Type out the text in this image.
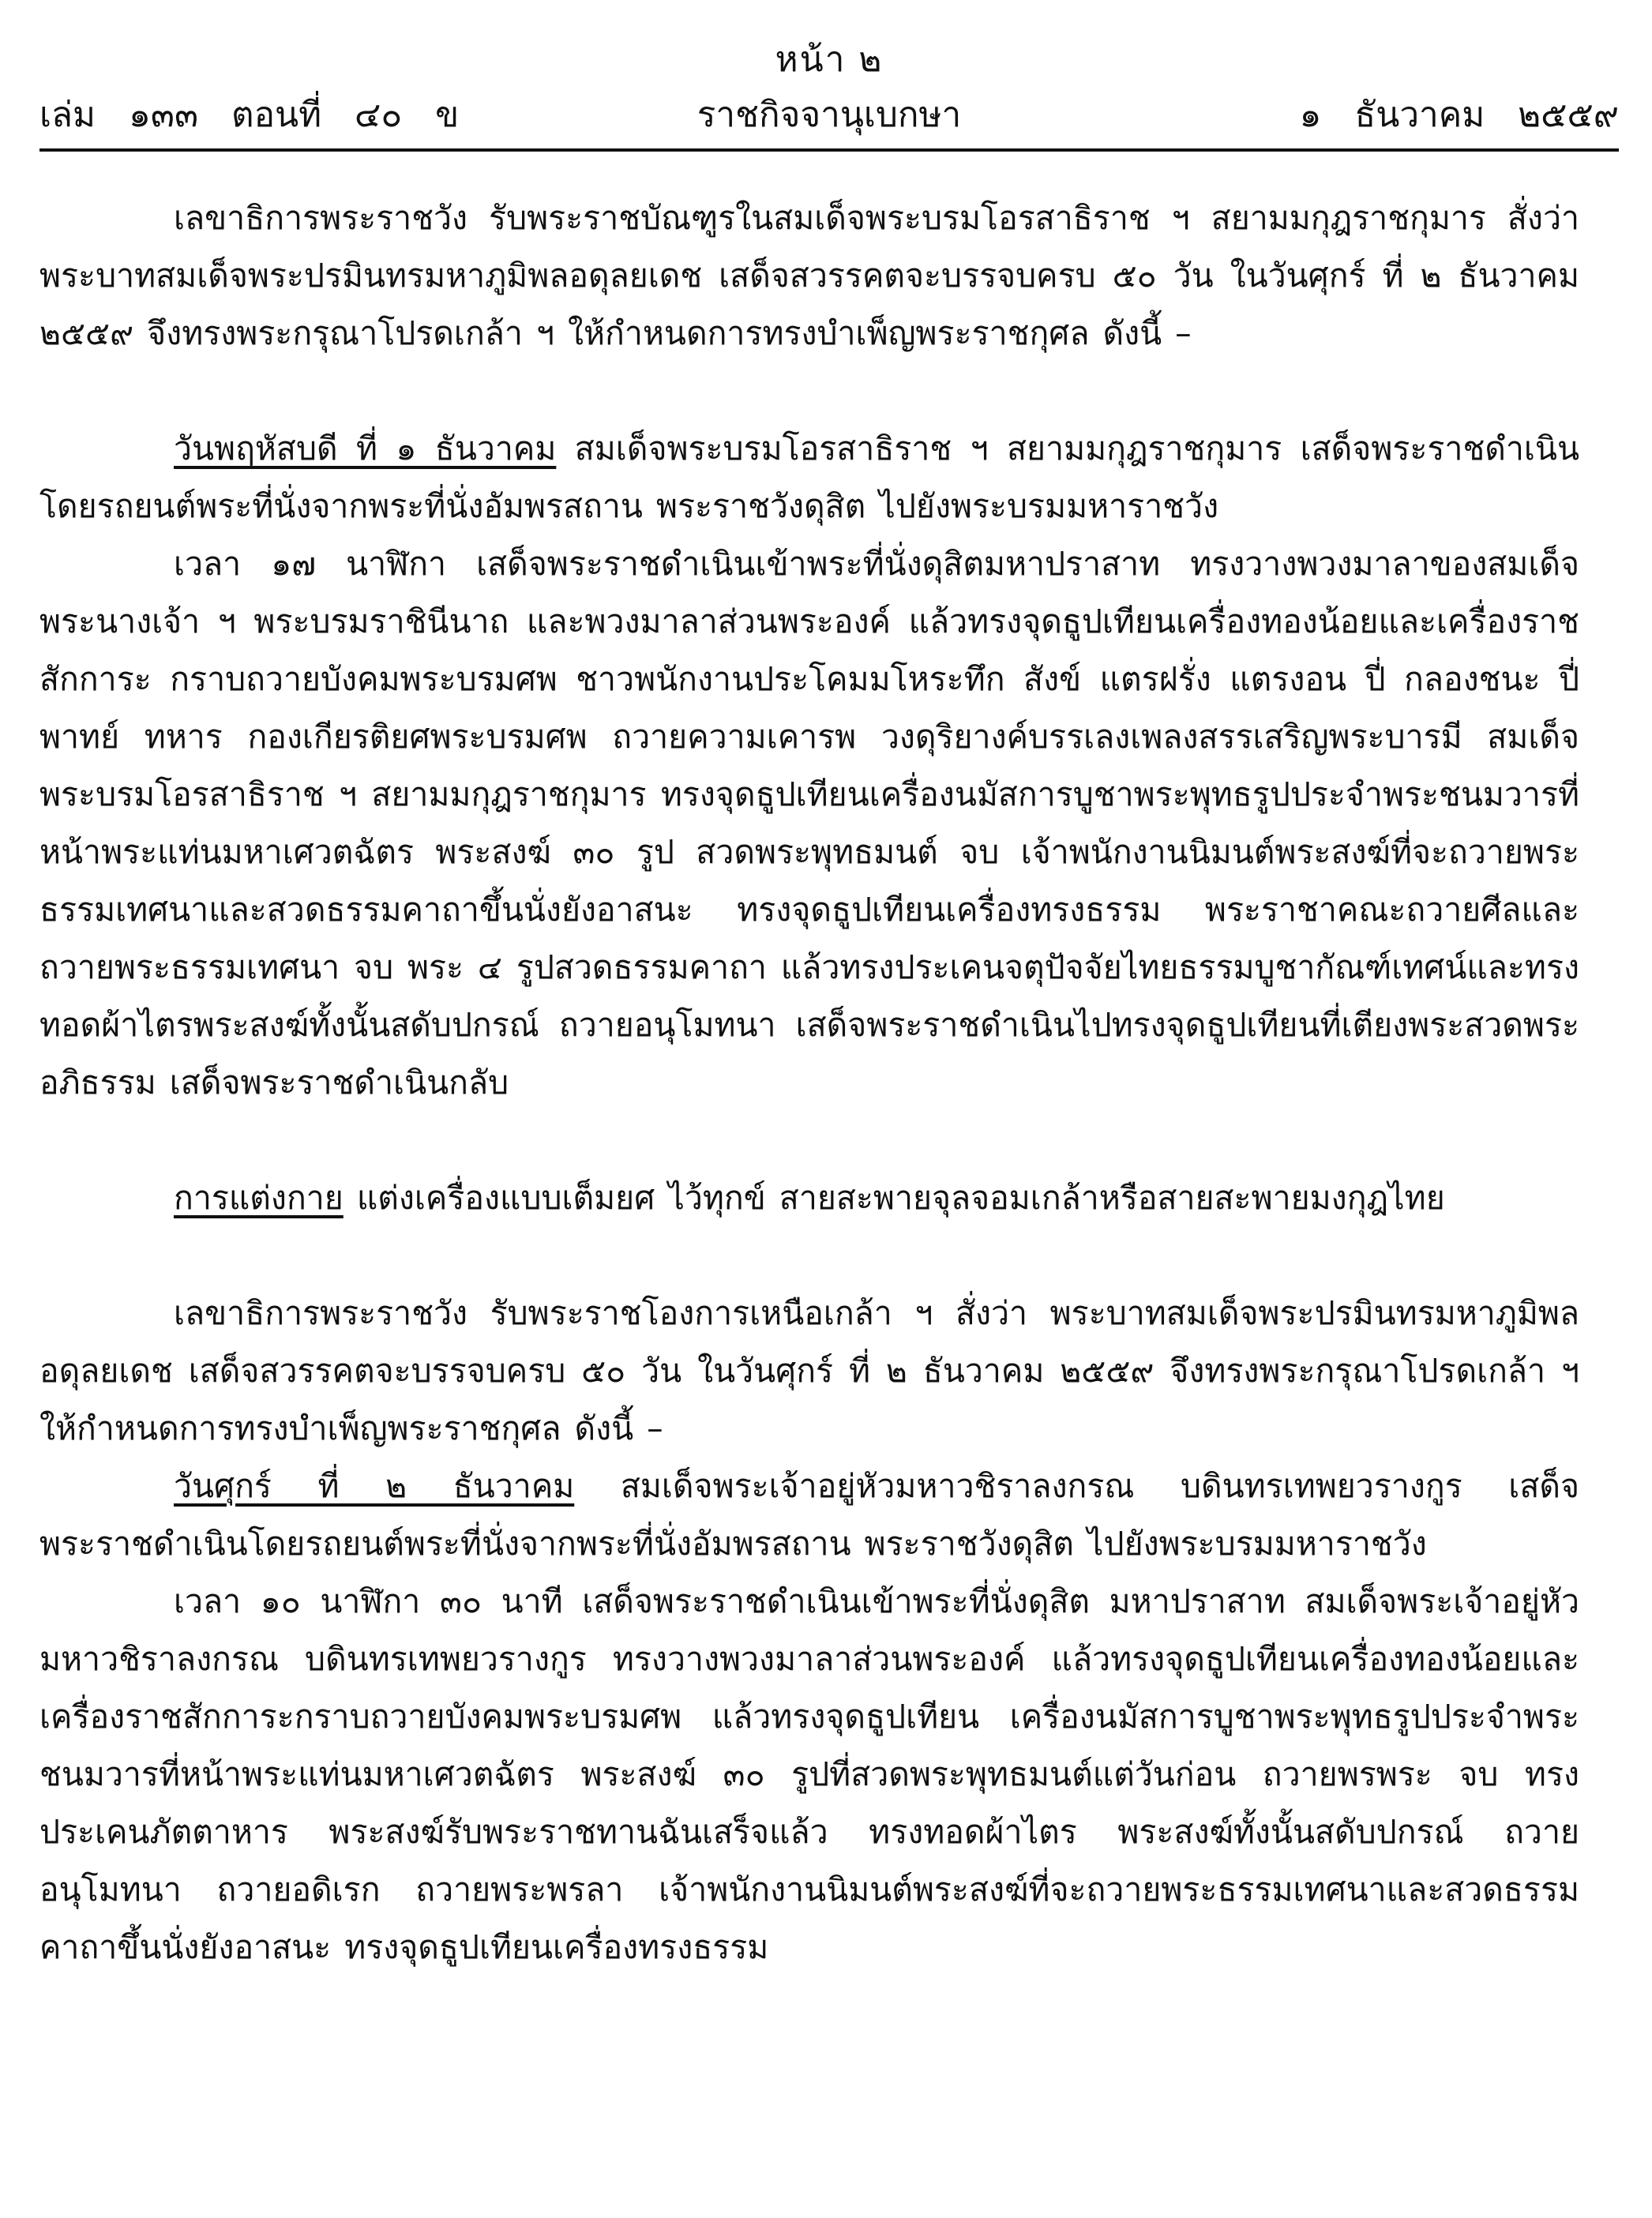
หน้า ๒
เล่ม   ๑๓๓   ตอนที่   ๔๐   ข	ราชกิจจานุเบกษา	๑   ธันวาคม   ๒๕๕๙

เลขาธิการพระราชวัง รับพระราชบัณฑูรในสมเด็จพระบรมโอรสาธิราช ฯ สยามมกุฎราชกุมาร สั่งว่า พระบาทสมเด็จพระปรมินทรมหาภูมิพลอดุลยเดช เสด็จสวรรคตจะบรรจบครบ ๕๐ วัน ในวันศุกร์ ที่ ๒ ธันวาคม ๒๕๕๙ จึงทรงพระกรุณาโปรดเกล้า ฯ ให้กำหนดการทรงบำเพ็ญพระราชกุศล ดังนี้ –

วันพฤหัสบดี ที่ ๑ ธันวาคม สมเด็จพระบรมโอรสาธิราช ฯ สยามมกุฎราชกุมาร เสด็จพระราชดำเนินโดยรถยนต์พระที่นั่งจากพระที่นั่งอัมพรสถาน พระราชวังดุสิต ไปยังพระบรมมหาราชวัง

เวลา ๑๗ นาฬิกา เสด็จพระราชดำเนินเข้าพระที่นั่งดุสิตมหาปราสาท ทรงวางพวงมาลาของสมเด็จพระนางเจ้า ฯ พระบรมราชินีนาถ และพวงมาลาส่วนพระองค์ แล้วทรงจุดธูปเทียนเครื่องทองน้อยและเครื่องราชสักการะ กราบถวายบังคมพระบรมศพ ชาวพนักงานประโคมมโหระทึก สังข์ แตรฝรั่ง แตรงอน ปี่ กลองชนะ ปี่พาทย์ ทหาร กองเกียรติยศพระบรมศพ ถวายความเคารพ วงดุริยางค์บรรเลงเพลงสรรเสริญพระบารมี สมเด็จพระบรมโอรสาธิราช ฯ สยามมกุฎราชกุมาร ทรงจุดธูปเทียนเครื่องนมัสการบูชาพระพุทธรูปประจำพระชนมวารที่หน้าพระแท่นมหาเศวตฉัตร พระสงฆ์ ๓๐ รูป สวดพระพุทธมนต์ จบ เจ้าพนักงานนิมนต์พระสงฆ์ที่จะถวายพระธรรมเทศนาและสวดธรรมคาถาขึ้นนั่งยังอาสนะ ทรงจุดธูปเทียนเครื่องทรงธรรม พระราชาคณะถวายศีลและถวายพระธรรมเทศนา จบ พระ ๔ รูปสวดธรรมคาถา แล้วทรงประเคนจตุปัจจัยไทยธรรมบูชากัณฑ์เทศน์และทรงทอดผ้าไตรพระสงฆ์ทั้งนั้นสดับปกรณ์ ถวายอนุโมทนา เสด็จพระราชดำเนินไปทรงจุดธูปเทียนที่เตียงพระสวดพระอภิธรรม เสด็จพระราชดำเนินกลับ

การแต่งกาย แต่งเครื่องแบบเต็มยศ ไว้ทุกข์ สายสะพายจุลจอมเกล้าหรือสายสะพายมงกุฎไทย

เลขาธิการพระราชวัง รับพระราชโองการเหนือเกล้า ฯ สั่งว่า พระบาทสมเด็จพระปรมินทรมหาภูมิพลอดุลยเดช เสด็จสวรรคตจะบรรจบครบ ๕๐ วัน ในวันศุกร์ ที่ ๒ ธันวาคม ๒๕๕๙ จึงทรงพระกรุณาโปรดเกล้า ฯ ให้กำหนดการทรงบำเพ็ญพระราชกุศล ดังนี้ –

วันศุกร์ ที่ ๒ ธันวาคม สมเด็จพระเจ้าอยู่หัวมหาวชิราลงกรณ บดินทรเทพยวรางกูร เสด็จพระราชดำเนินโดยรถยนต์พระที่นั่งจากพระที่นั่งอัมพรสถาน พระราชวังดุสิต ไปยังพระบรมมหาราชวัง

เวลา ๑๐ นาฬิกา ๓๐ นาที เสด็จพระราชดำเนินเข้าพระที่นั่งดุสิต มหาปราสาท สมเด็จพระเจ้าอยู่หัวมหาวชิราลงกรณ บดินทรเทพยวรางกูร ทรงวางพวงมาลาส่วนพระองค์ แล้วทรงจุดธูปเทียนเครื่องทองน้อยและเครื่องราชสักการะกราบถวายบังคมพระบรมศพ แล้วทรงจุดธูปเทียน เครื่องนมัสการบูชาพระพุทธรูปประจำพระชนมวารที่หน้าพระแท่นมหาเศวตฉัตร พระสงฆ์ ๓๐ รูปที่สวดพระพุทธมนต์แต่วันก่อน ถวายพรพระ จบ ทรงประเคนภัตตาหาร พระสงฆ์รับพระราชทานฉันเสร็จแล้ว ทรงทอดผ้าไตร พระสงฆ์ทั้งนั้นสดับปกรณ์ ถวายอนุโมทนา ถวายอดิเรก ถวายพระพรลา เจ้าพนักงานนิมนต์พระสงฆ์ที่จะถวายพระธรรมเทศนาและสวดธรรมคาถาขึ้นนั่งยังอาสนะ ทรงจุดธูปเทียนเครื่องทรงธรรม
